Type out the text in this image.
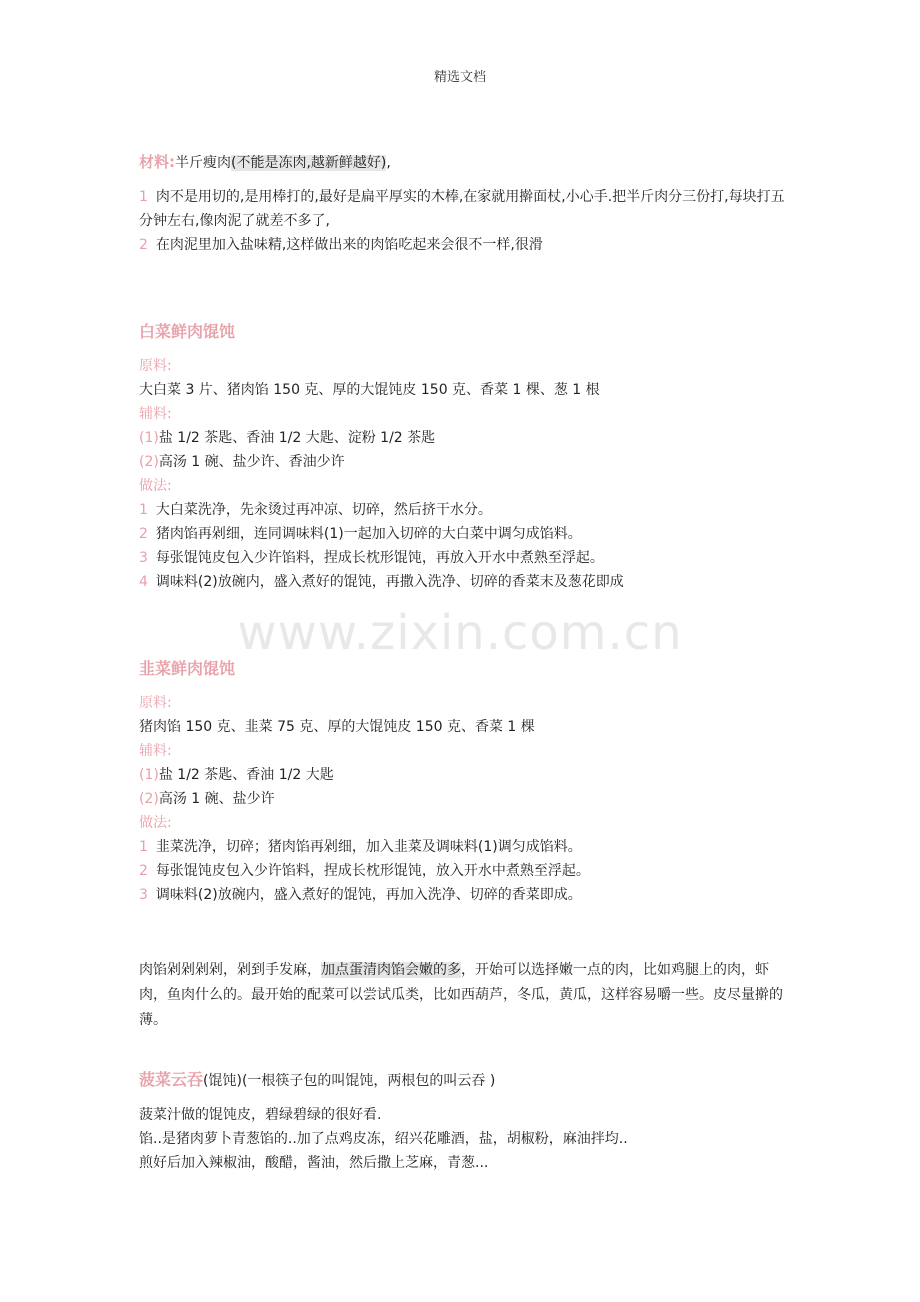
精选文档
www.zixin.com.cn
材料:半斤瘦肉(不能是冻肉,越新鲜越好),
1 肉不是用切的,是用棒打的,最好是扁平厚实的木棒,在家就用擀面杖,小心手.把半斤肉分三份打,每块打五分钟左右,像肉泥了就差不多了,
2 在肉泥里加入盐味精,这样做出来的肉馅吃起来会很不一样,很滑
白菜鲜肉馄饨
原料:
大白菜 3 片、猪肉馅 150 克、厚的大馄饨皮 150 克、香菜 1 棵、葱 1 根
辅料:
(1)盐 1/2 茶匙、香油 1/2 大匙、淀粉 1/2 茶匙
(2)高汤 1 碗、盐少许、香油少许
做法:
1 大白菜洗净，先汆烫过再冲凉、切碎，然后挤干水分。
2 猪肉馅再剁细，连同调味料(1)一起加入切碎的大白菜中调匀成馅料。
3 每张馄饨皮包入少许馅料，捏成长枕形馄饨，再放入开水中煮熟至浮起。
4 调味料(2)放碗内，盛入煮好的馄饨，再撒入洗净、切碎的香菜末及葱花即成
韭菜鲜肉馄饨
原料:
猪肉馅 150 克、韭菜 75 克、厚的大馄饨皮 150 克、香菜 1 棵
辅料:
(1)盐 1/2 茶匙、香油 1/2 大匙
(2)高汤 1 碗、盐少许
做法:
1 韭菜洗净，切碎；猪肉馅再剁细，加入韭菜及调味料(1)调匀成馅料。
2 每张馄饨皮包入少许馅料，捏成长枕形馄饨，放入开水中煮熟至浮起。
3 调味料(2)放碗内，盛入煮好的馄饨，再加入洗净、切碎的香菜即成。
肉馅剁剁剁剁，剁到手发麻，加点蛋清肉馅会嫩的多，开始可以选择嫩一点的肉，比如鸡腿上的肉，虾肉，鱼肉什么的。最开始的配菜可以尝试瓜类，比如西葫芦，冬瓜，黄瓜，这样容易嚼一些。皮尽量擀的薄。
菠菜云吞(馄饨)(一根筷子包的叫馄饨，两根包的叫云吞 )
菠菜汁做的馄饨皮，碧绿碧绿的很好看.
馅..是猪肉萝卜青葱馅的..加了点鸡皮冻，绍兴花雕酒，盐，胡椒粉，麻油拌均..
煎好后加入辣椒油，酸醋，酱油，然后撒上芝麻，青葱...
